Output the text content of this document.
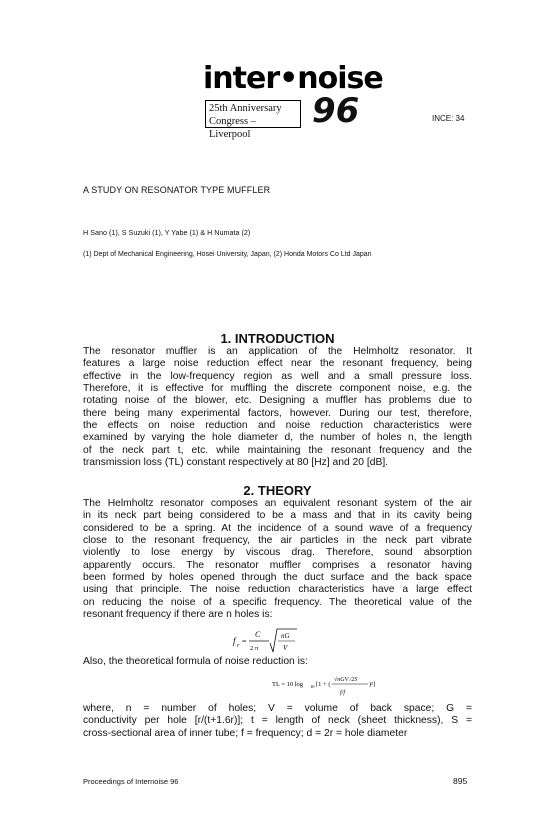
inter•noise
25th Anniversary
Congress – Liverpool
96	INCE: 34
A STUDY ON RESONATOR TYPE MUFFLER
H Sano (1), S Suzuki (1), Y Yabe (1) & H Numata (2)
(1) Dept of Mechanical Engineering, Hosei University, Japan, (2) Honda Motors Co Ltd Japan
1. INTRODUCTION
The resonator muffler is an application of the Helmholtz resonator. It
features a large noise reduction effect near the resonant frequency, being
effective in the low-frequency region as well and a small pressure loss.
Therefore, it is effective for muffling the discrete component noise, e.g. the
rotating noise of the blower, etc. Designing a muffler has problems due to
there being many experimental factors, however. During our test, therefore,
the effects on noise reduction and noise reduction characteristics were
examined by varying the hole diameter d, the number of holes n, the length
of the neck part t, etc. while maintaining the resonant frequency and the
transmission loss (TL) constant respectively at 80 [Hz] and 20 [dB].
2. THEORY
The Helmholtz resonator composes an equivalent resonant system of the air
in its neck part being considered to be a mass and that in its cavity being
considered to be a spring. At the incidence of a sound wave of a frequency
close to the resonant frequency, the air particles in the neck part vibrate
violently to lose energy by viscous drag. Therefore, sound absorption
apparently occurs. The resonator muffler comprises a resonator having
been formed by holes opened through the duct surface and the back space
using that principle. The noise reduction characteristics have a large effect
on reducing the noise of a specific frequency. The theoretical value of the
resonant frequency if there are n holes is:
f r =
C
2 π
nG
V
Also, the theoretical formula of noise reduction is:
TL = 10 log 10 [1 + (
√nGV /2S
f/f
)²]
where, n = number of holes; V = volume of back space; G =
conductivity per hole [r/(t+1.6r)]; t = length of neck (sheet thickness), S =
cross-sectional area of inner tube; f = frequency; d = 2r = hole diameter
Proceedings of Internoise 96	895
